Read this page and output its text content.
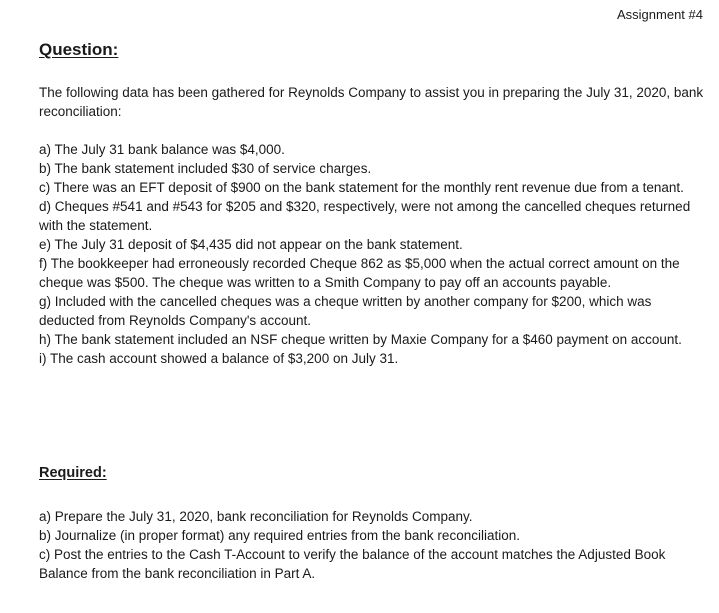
Assignment #4
Question:

The following data has been gathered for Reynolds Company to assist you in preparing the July 31, 2020, bank reconciliation:

a) The July 31 bank balance was $4,000.
b) The bank statement included $30 of service charges.
c) There was an EFT deposit of $900 on the bank statement for the monthly rent revenue due from a tenant.
d) Cheques #541 and #543 for $205 and $320, respectively, were not among the cancelled cheques returned with the statement.
e) The July 31 deposit of $4,435 did not appear on the bank statement.
f) The bookkeeper had erroneously recorded Cheque 862 as $5,000 when the actual correct amount on the cheque was $500. The cheque was written to a Smith Company to pay off an accounts payable.
g) Included with the cancelled cheques was a cheque written by another company for $200, which was deducted from Reynolds Company's account.
h) The bank statement included an NSF cheque written by Maxie Company for a $460 payment on account.
i) The cash account showed a balance of $3,200 on July 31.
Required:
a) Prepare the July 31, 2020, bank reconciliation for Reynolds Company.
b) Journalize (in proper format) any required entries from the bank reconciliation.
c) Post the entries to the Cash T-Account to verify the balance of the account matches the Adjusted Book Balance from the bank reconciliation in Part A.
